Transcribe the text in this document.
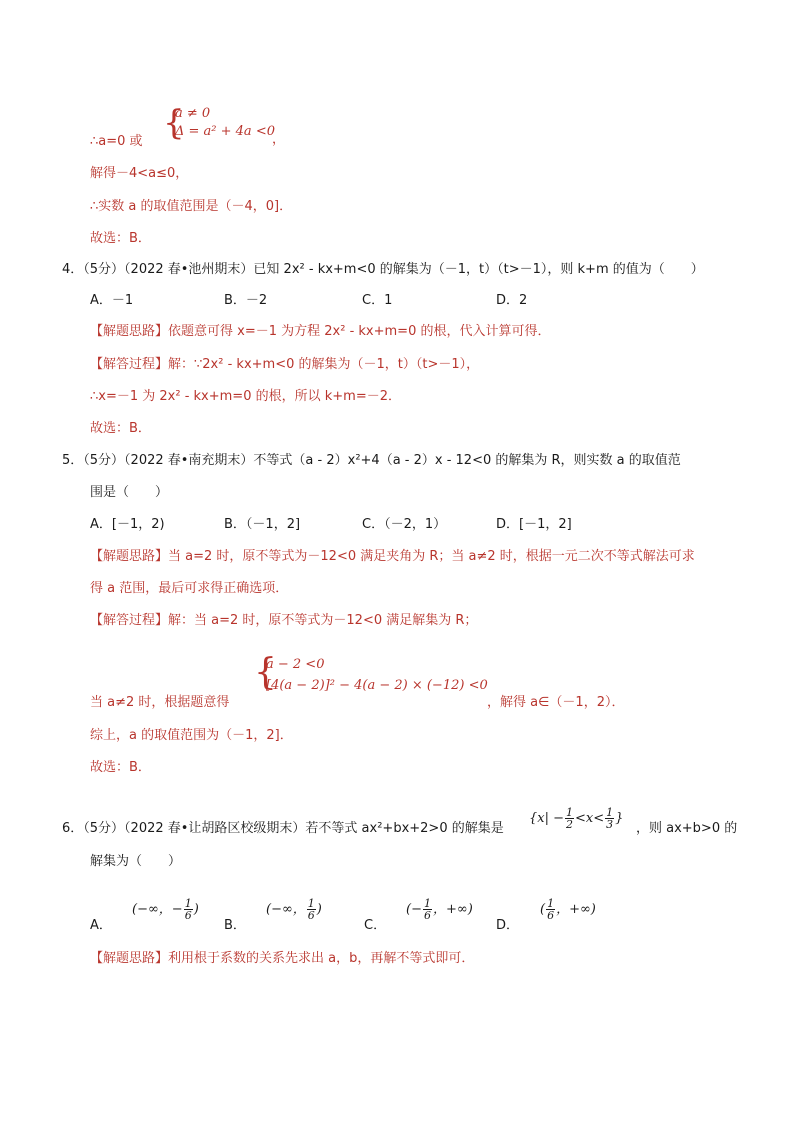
{
a ≠ 0
Δ = a² + 4a <0
，
∴a=0 或
解得－4<a≤0，
∴实数 a 的取值范围是（－4，0]．
故选：B．
4．（5分）（2022 春•池州期末）已知 2x² - kx+m<0 的解集为（－1，t）（t>－1），则 k+m 的值为（　　）
A．－1	B．－2	C．1	D．2
【解题思路】依题意可得 x=－1 为方程 2x² - kx+m=0 的根，代入计算可得．
【解答过程】解：∵2x² - kx+m<0 的解集为（－1，t）（t>－1），
∴x=－1 为 2x² - kx+m=0 的根，所以 k+m=－2．
故选：B．
5．（5分）（2022 春•南充期末）不等式（a - 2）x²+4（a - 2）x - 12<0 的解集为 R，则实数 a 的取值范
围是（　　）
A．[－1，2)	B．（－1，2]	C．（－2，1）	D．[－1，2]
【解题思路】当 a=2 时，原不等式为－12<0 满足夹角为 R；当 a≠2 时，根据一元二次不等式解法可求
得 a 范围，最后可求得正确选项．
【解答过程】解：当 a=2 时，原不等式为－12<0 满足解集为 R；
{
a − 2 <0
[4(a − 2)]² − 4(a − 2) × (−12) <0
当 a≠2 时，根据题意得	，解得 a∈（－1，2）．
综上，a 的取值范围为（－1，2]．
故选：B．
6．（5分）（2022 春•让胡路区校级期末）若不等式 ax²+bx+2>0 的解集是
{$x| - \frac{1}{2} <x< \frac{1}{3}$ }
，则 ax+b>0 的
解集为（　　）
A．
(−∞，− $\frac{1}{6}$ )
B．
(−∞， $\frac{1}{6}$ )
C．
(− $\frac{1}{6}$ ，+∞)
D．
( $\frac{1}{6}$ ，+∞)
【解题思路】利用根于系数的关系先求出 a，b，再解不等式即可．
